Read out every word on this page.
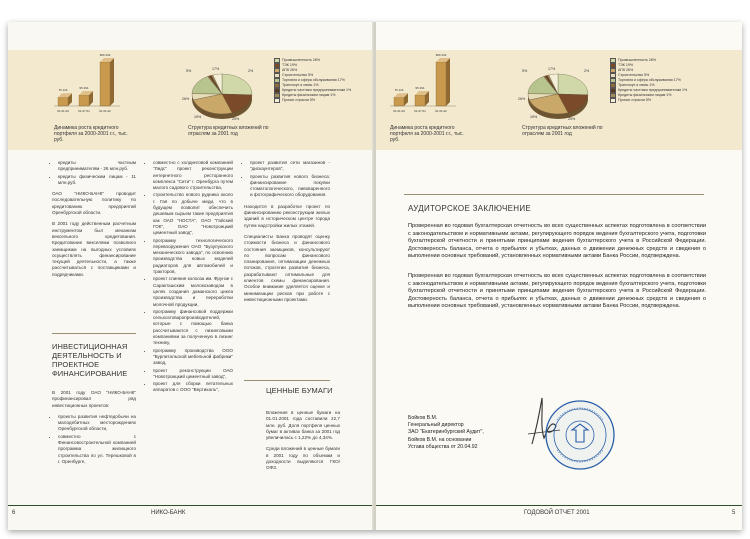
76 116
01.01.00
95 261
01.07.01
380 434
01.01.02
Динамика роста кредитного портфеля за 2000-2001 г.г., тыс. руб.
5%	17%	2%
19%	25%
26%
Структура кредитных вложений по отраслям за 2001 год
Промышленность 26%
ТЭК 19%
АПК 26%
Строительство 5%
Торговля и сфера обслуживания 17%
Транспорт и связь 1%
Кредиты частным предпринимателям 1%
Кредиты физическим лицам 1%
Прочие отрасли 5%
• кредиты частным предпринимателям - 26 млн.руб.
• кредиты физическим лицам - 11 млн.руб.

ОАО "НИКО-БАНК" проводит последовательную политику по кредитованию предприятий Оренбургской области.

В 2001 году действенным расчетным инструментом был механизм вексельного кредитования. Кредитование векселями позволило заемщикам на выгодных условиях осуществлять финансирование текущей деятельности, а также рассчитываться с поставщиками и подрядчиками.

ИНВЕСТИЦИОННАЯ ДЕЯТЕЛЬНОСТЬ И ПРОЕКТНОЕ ФИНАНСИРОВАНИЕ

В 2001 году ОАО "НИКО-БАНК" профинансировал ряд инвестиционных проектов:

• проекты развития нефтедобычи на малодебитных месторождениях Оренбургской области,
• совместно с Финансовостроительной компанией программа жилищного строительства по ул. Терешковой в г. Оренбурге,
• совместно с холдинговой компанией "Лидс" проект реконструкции интернетного ресторанного комплекса "Сити" г. Оренбурга путем малого садового строительства,
• строительство нового рудника около г. Гая по добыче меди, что в будущем позволит обеспечить дешевым сырьем такие предприятия как ОАО "НОСТА", ОАО "Гайский ГОК", ОАО "Новотроицкий цементный завод",
• программу технологического перевооружения ОАО "Бузулукского механического завода", по освоению производства новых моделей радиаторов для автомобилей и тракторов,
• проект слияния колхоза им. Фрунзе с Саракташским молокозаводом в целях создания даманского цикла производства и переработки молочной продукции,
• программу финансовой поддержки сельхозтоваропроизводителей, которые с помощью банка рассчитываются с лизинговыми компаниями за полученную в лизинг технику,
• программу производства ООО "Бурлитальской мебельной фабрики" завод,
• проект реконструкции ОАО "Новотроицкий цементный завод",
• проект для сборки летательных аппаратов с ООО "Вертикаль",
• проект развития сети магазинов - "дискаунтеров",
• проекты развития нового бизнеса: финансирование покупки стоматологического, пивоваренного и фотографического оборудования.

Находится в разработке проект по финансированию реконструкции жилых зданий в историческом центре города путем надстройки жилых этажей.

Специалисты Банка проводят оценку стоимости бизнеса и финансового состояния заемщиков, консультируют по вопросам финансового планирования, оптимизации денежных потоков, стратегии развития бизнеса, разрабатывают оптимальные для клиентов схемы финансирования. Особое внимание уделяется оценке и минимизации рисков при работе с инвестиционными проектами.

ЦЕННЫЕ БУМАГИ

Вложения в ценные бумаги на 01.01.2001 года составили 22,7 млн. руб. Доля портфеля ценных бумаг в активах банка за 2001 год увеличилась с 1,22% до 4,34%.

Среди вложений в ценные бумаги в 2001 году по объемам и доходности выделяются ГКО/ОФЗ.

6	НИКО-БАНК
76 116
01.01.00
95 261
01.07.01
380 434
01.01.02
Динамика роста кредитного портфеля за 2000-2001 г.г., тыс. руб.
5%	17%	2%
19%	25%
26%
Структура кредитных вложений по отраслям за 2001 год
Промышленность 26%
ТЭК 19%
АПК 26%
Строительство 5%
Торговля и сфера обслуживания 17%
Транспорт и связь 1%
Кредиты частным предпринимателям 1%
Кредиты физическим лицам 1%
Прочие отрасли 5%
АУДИТОРСКОЕ ЗАКЛЮЧЕНИЕ

Проверенная во годовая бухгалтерская отчетность во всех существенных аспектах подготовлена в соответствии с законодательством и нормативными актами, регулирующего порядок ведения бухгалтерского учета, подготовки бухгалтерской отчетности и принятыми принципами ведения бухгалтерского учета в Российской Федерации. Достоверность баланса, отчета о прибылях и убытках, данных о движении денежных средств и сведения о выполнении основных требований, установленных нормативными актами Банка России, подтверждена.

Проверенная во годовая бухгалтерская отчетность во всех существенных аспектах подготовлена в соответствии с законодательством и нормативными актами, регулирующего порядок ведения бухгалтерского учета, подготовки бухгалтерской отчетности и принятыми принципами ведения бухгалтерского учета в Российской Федерации. Достоверность баланса, отчета о прибылях и убытках, данных о движении денежных средств и сведения о выполнении основных требований, установленных нормативными актами Банка России, подтверждена.

Бойков В.М.
Генеральный директор
ЗАО "Екатеринбургский Аудит",
Бойков В.М. на основании
Устава общества от 20.04.92
ГОДОВОЙ ОТЧЕТ 2001	5
